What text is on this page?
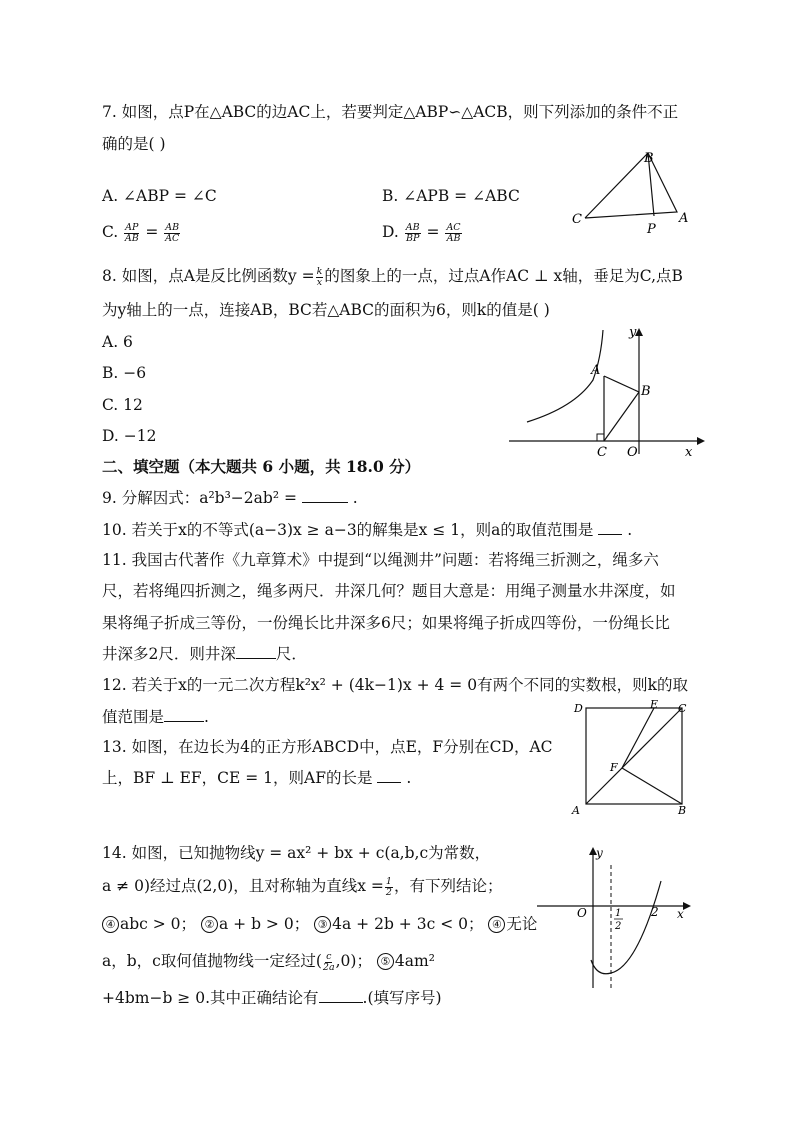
7. 如图，点P在△ABC的边AC上，若要判定△ABP∽△ACB，则下列添加的条件不正
确的是( )
A. ∠ABP = ∠C	B. ∠APB = ∠ABC
C. $\frac{AP}{AB} = \frac{AB}{AC}$	D. $\frac{AB}{BP} = \frac{AC}{AB}$
B
C
P
A
8. 如图，点A是反比例函数$y = \frac{k}{x}$ 的图象上的一点，过点A作AC ⊥ x轴，垂足为C,点B
为y轴上的一点，连接AB，BC若△ABC的面积为6，则k的值是( )
A. 6
B. −6
C. 12
D. −12
y
A
B
C O	x
二、填空题（本大题共 6 小题，共 18.0 分）
9. 分解因式：a²b³−2ab² =	.
10. 若关于x的不等式(a−3)x ≥ a−3的解集是x ≤ 1，则a的取值范围是  .
11. 我国古代著作《九章算术》中提到“以绳测井”问题：若将绳三折测之，绳多六
尺，若将绳四折测之，绳多两尺．井深几何？题目大意是：用绳子测量水井深度，如
果将绳子折成三等份，一份绳长比井深多6尺；如果将绳子折成四等份，一份绳长比
井深多2尺．则井深	尺．
12. 若关于x的一元二次方程k²x² + (4k−1)x + 4 = 0有两个不同的实数根，则k的取
值范围是	.
13. 如图，在边长为4的正方形ABCD中，点E，F分别在CD，AC
上，BF ⊥ EF，CE = 1，则AF的长是  .
D	E C
F
A	B
14. 如图，已知抛物线y = ax² + bx + c(a,b,c为常数，
a ≠ 0)经过点(2,0)，且对称轴为直线$x = \frac{1}{2}$ ，有下列结论；
④ abc > 0； ② a + b > 0； ③ 4a + 2b + 3c < 0； ④ 无论
a，b，c取何值抛物线一定经过( $\frac{c}{2a} ,0$)； ⑤ 4am²
+4bm−b ≥ 0.其中正确结论有	.(填写序号)
y
O	1
2
2 x
